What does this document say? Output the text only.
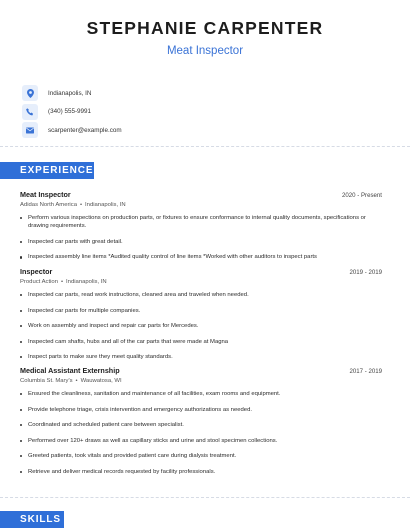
STEPHANIE CARPENTER
Meat Inspector
Indianapolis, IN
(340) 555-9991
scarpenter@example.com
EXPERIENCE
Meat Inspector	2020 - Present
Adidas North America • Indianapolis, IN
Perform various inspections on production parts, or fixtures to ensure conformance to internal quality documents, specifications or drawing requirements.
Inspected car parts with great detail.
Inspected assembly line items *Audited quality control of line items *Worked with other auditors to inspect parts
Inspector	2019 - 2019
Product Action • Indianapolis, IN
Inspected car parts, read work instructions, cleaned area and traveled when needed.
Inspected car parts for multiple companies.
Work on assembly and inspect and repair car parts for Mercedes.
Inspected cam shafts, hubs and all of the car parts that were made at Magna
Inspect parts to make sure they meet quality standards.
Medical Assistant Externship	2017 - 2019
Columbia St. Mary's • Wauwatosa, WI
Ensured the cleanliness, sanitation and maintenance of all facilities, exam rooms and equipment.
Provide telephone triage, crisis intervention and emergency authorizations as needed.
Coordinated and scheduled patient care between specialist.
Performed over 120+ draws as well as capillary sticks and urine and stool specimen collections.
Greeted patients, took vitals and provided patient care during dialysis treatment.
Retrieve and deliver medical records requested by facility professionals.
SKILLS
